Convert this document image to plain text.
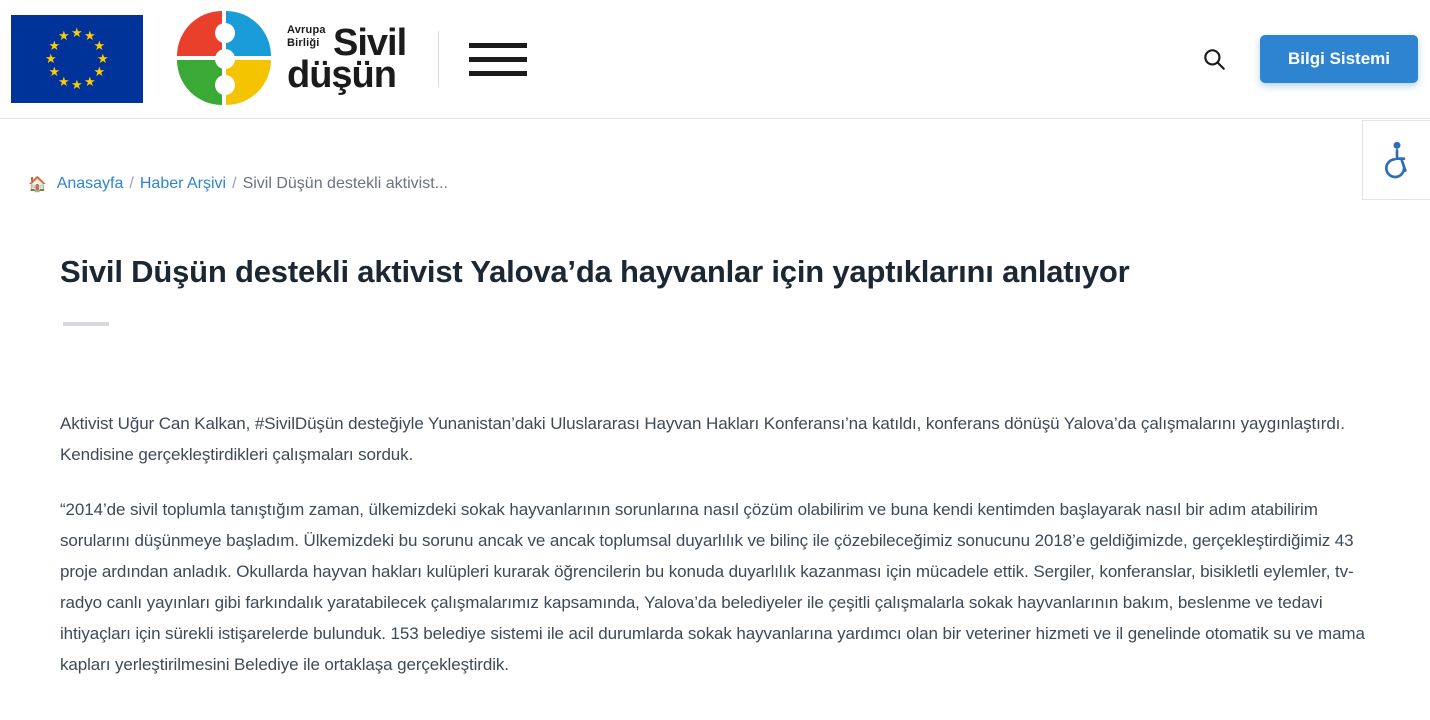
★ ★
★
★
★
★
★
★
★
★
★
★	Avrupa
Birliği Sivil
düşün	Bilgi Sistemi
🏠 Anasayfa / Haber Arşivi / Sivil Düşün destekli aktivist...
Sivil Düşün destekli aktivist Yalova’da hayvanlar için yaptıklarını anlatıyor

Aktivist Uğur Can Kalkan, #SivilDüşün desteğiyle Yunanistan’daki Uluslararası Hayvan Hakları Konferansı’na katıldı, konferans dönüşü Yalova’da çalışmalarını yaygınlaştırdı. Kendisine gerçekleştirdikleri çalışmaları sorduk.

“2014’de sivil toplumla tanıştığım zaman, ülkemizdeki sokak hayvanlarının sorunlarına nasıl çözüm olabilirim ve buna kendi kentimden başlayarak nasıl bir adım atabilirim sorularını düşünmeye başladım. Ülkemizdeki bu sorunu ancak ve ancak toplumsal duyarlılık ve bilinç ile çözebileceğimiz sonucunu 2018’e geldiğimizde, gerçekleştirdiğimiz 43 proje ardından anladık. Okullarda hayvan hakları kulüpleri kurarak öğrencilerin bu konuda duyarlılık kazanması için mücadele ettik. Sergiler, konferanslar, bisikletli eylemler, tv-radyo canlı yayınları gibi farkındalık yaratabilecek çalışmalarımız kapsamında, Yalova’da belediyeler ile çeşitli çalışmalarla sokak hayvanlarının bakım, beslenme ve tedavi ihtiyaçları için sürekli istişarelerde bulunduk. 153 belediye sistemi ile acil durumlarda sokak hayvanlarına yardımcı olan bir veteriner hizmeti ve il genelinde otomatik su ve mama kapları yerleştirilmesini Belediye ile ortaklaşa gerçekleştirdik.
